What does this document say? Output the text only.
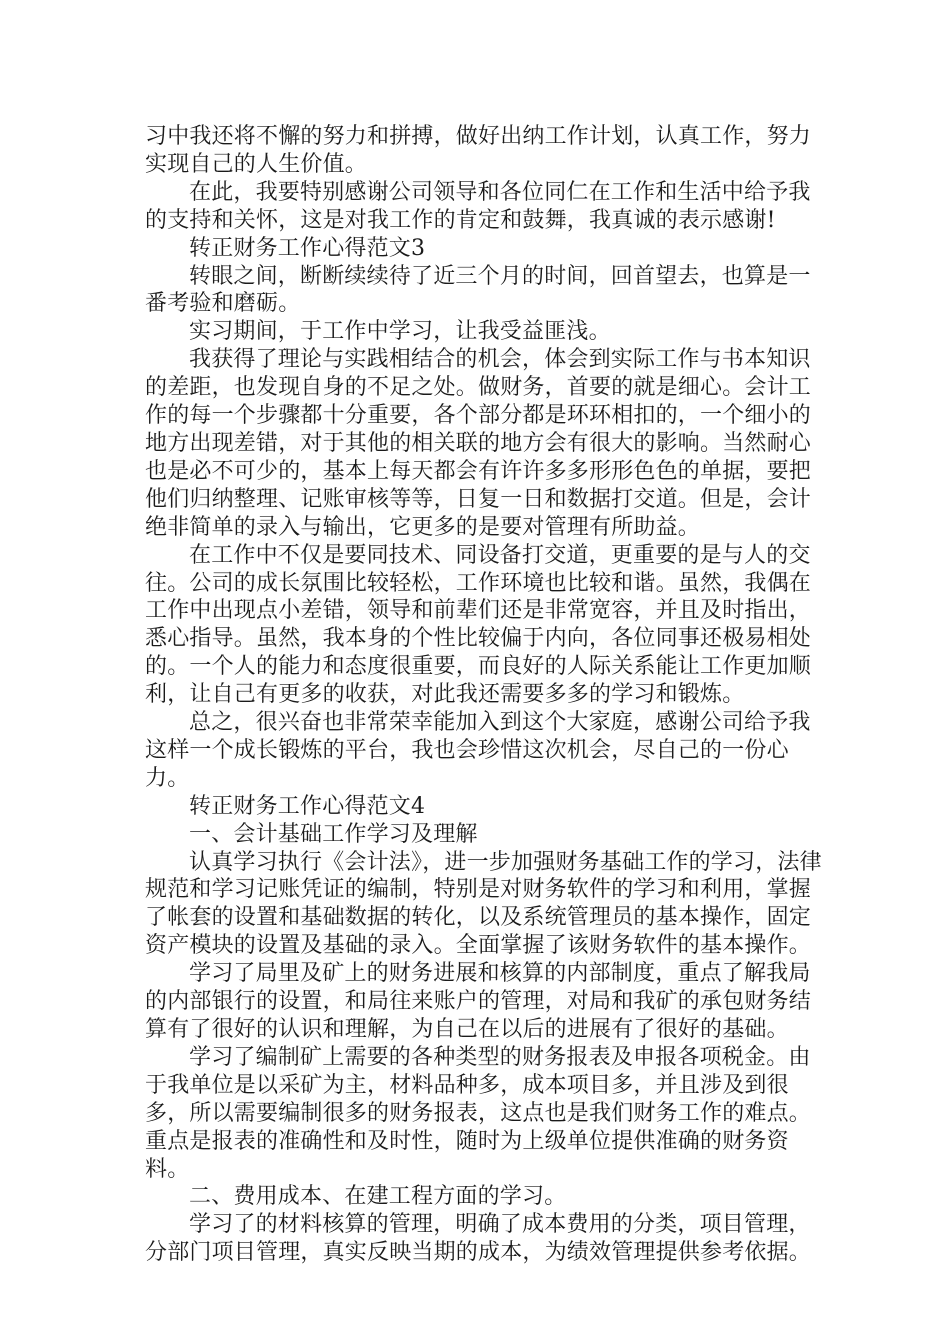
习中我还将不懈的努力和拼搏，做好出纳工作计划，认真工作，努力实现自己的人生价值。

在此，我要特别感谢公司领导和各位同仁在工作和生活中给予我的支持和关怀，这是对我工作的肯定和鼓舞，我真诚的表示感谢!

转正财务工作心得范文3

转眼之间，断断续续待了近三个月的时间，回首望去，也算是一番考验和磨砺。

实习期间，于工作中学习，让我受益匪浅。

我获得了理论与实践相结合的机会，体会到实际工作与书本知识的差距，也发现自身的不足之处。做财务，首要的就是细心。会计工作的每一个步骤都十分重要，各个部分都是环环相扣的，一个细小的地方出现差错，对于其他的相关联的地方会有很大的影响。当然耐心也是必不可少的，基本上每天都会有许许多多形形色色的单据，要把他们归纳整理、记账审核等等，日复一日和数据打交道。但是，会计绝非简单的录入与输出，它更多的是要对管理有所助益。

在工作中不仅是要同技术、同设备打交道，更重要的是与人的交往。公司的成长氛围比较轻松，工作环境也比较和谐。虽然，我偶在工作中出现点小差错，领导和前辈们还是非常宽容，并且及时指出，悉心指导。虽然，我本身的个性比较偏于内向，各位同事还极易相处的。一个人的能力和态度很重要，而良好的人际关系能让工作更加顺利，让自己有更多的收获，对此我还需要多多的学习和锻炼。

总之，很兴奋也非常荣幸能加入到这个大家庭，感谢公司给予我这样一个成长锻炼的平台，我也会珍惜这次机会，尽自己的一份心力。

转正财务工作心得范文4

一、会计基础工作学习及理解

认真学习执行《会计法》，进一步加强财务基础工作的学习，法律规范和学习记账凭证的编制，特别是对财务软件的学习和利用，掌握了帐套的设置和基础数据的转化，以及系统管理员的基本操作，固定资产模块的设置及基础的录入。全面掌握了该财务软件的基本操作。

学习了局里及矿上的财务进展和核算的内部制度，重点了解我局的内部银行的设置，和局往来账户的管理，对局和我矿的承包财务结算有了很好的认识和理解，为自己在以后的进展有了很好的基础。

学习了编制矿上需要的各种类型的财务报表及申报各项税金。由于我单位是以采矿为主，材料品种多，成本项目多，并且涉及到很多，所以需要编制很多的财务报表，这点也是我们财务工作的难点。重点是报表的准确性和及时性，随时为上级单位提供准确的财务资料。

二、费用成本、在建工程方面的学习。

学习了的材料核算的管理，明确了成本费用的分类，项目管理，分部门项目管理，真实反映当期的成本，为绩效管理提供参考依据。
